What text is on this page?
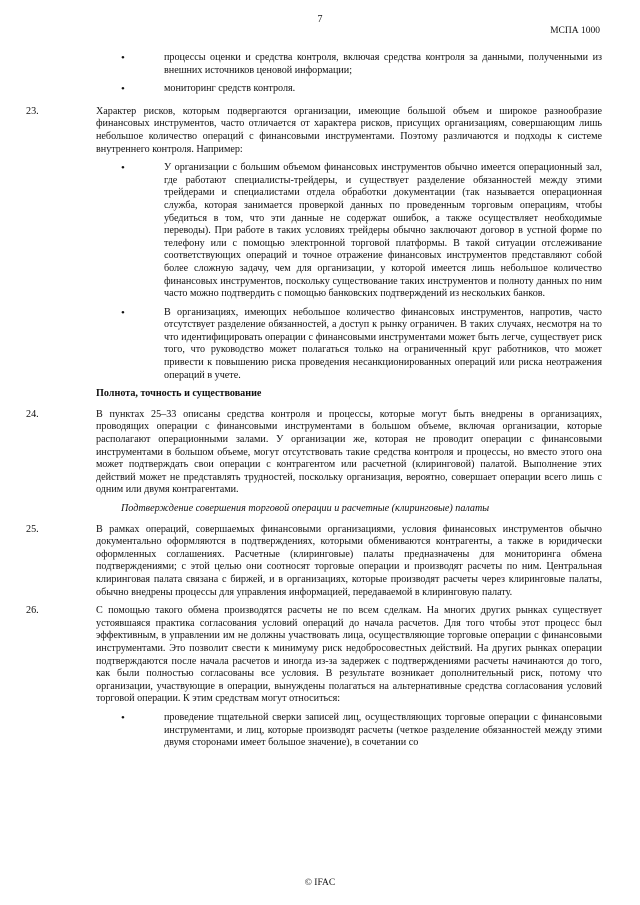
7
МСПА 1000
•	процессы оценки и средства контроля, включая средства контроля за данными, полученными из внешних источников ценовой информации;
•	мониторинг средств контроля.
23.	Характер рисков, которым подвергаются организации, имеющие большой объем и широкое разнообразие финансовых инструментов, часто отличается от характера рисков, присущих организациям, совершающим лишь небольшое количество операций с финансовыми инструментами. Поэтому различаются и подходы к системе внутреннего контроля. Например:
•	У организации с большим объемом финансовых инструментов обычно имеется операционный зал, где работают специалисты-трейдеры, и существует разделение обязанностей между этими трейдерами и специалистами отдела обработки документации (так называется операционная служба, которая занимается проверкой данных по проведенным торговым операциям, чтобы убедиться в том, что эти данные не содержат ошибок, а также осуществляет необходимые переводы). При работе в таких условиях трейдеры обычно заключают договор в устной форме по телефону или с помощью электронной торговой платформы. В такой ситуации отслеживание соответствующих операций и точное отражение финансовых инструментов представляют собой более сложную задачу, чем для организации, у которой имеется лишь небольшое количество финансовых инструментов, поскольку существование таких инструментов и полноту данных по ним часто можно подтвердить с помощью банковских подтверждений из нескольких банков.
•	В организациях, имеющих небольшое количество финансовых инструментов, напротив, часто отсутствует разделение обязанностей, а доступ к рынку ограничен. В таких случаях, несмотря на то что идентифицировать операции с финансовыми инструментами может быть легче, существует риск того, что руководство может полагаться только на ограниченный круг работников, что может привести к повышению риска проведения несанкционированных операций или риска неотражения операций в учете.
Полнота, точность и существование
24.	В пунктах 25–33 описаны средства контроля и процессы, которые могут быть внедрены в организациях, проводящих операции с финансовыми инструментами в большом объеме, включая организации, которые располагают операционными залами. У организации же, которая не проводит операции с финансовыми инструментами в большом объеме, могут отсутствовать такие средства контроля и процессы, но вместо этого она может подтверждать свои операции с контрагентом или расчетной (клиринговой) палатой. Выполнение этих действий может не представлять трудностей, поскольку организация, вероятно, совершает операции всего лишь с одним или двумя контрагентами.
Подтверждение совершения торговой операции и расчетные (клиринговые) палаты
25.	В рамках операций, совершаемых финансовыми организациями, условия финансовых инструментов обычно документально оформляются в подтверждениях, которыми обмениваются контрагенты, а также в юридически оформленных соглашениях. Расчетные (клиринговые) палаты предназначены для мониторинга обмена подтверждениями; с этой целью они соотносят торговые операции и производят расчеты по ним. Центральная клиринговая палата связана с биржей, и в организациях, которые производят расчеты через клиринговые палаты, обычно внедрены процессы для управления информацией, передаваемой в клиринговую палату.
26.	С помощью такого обмена производятся расчеты не по всем сделкам. На многих других рынках существует устоявшаяся практика согласования условий операций до начала расчетов. Для того чтобы этот процесс был эффективным, в управлении им не должны участвовать лица, осуществляющие торговые операции с финансовыми инструментами. Это позволит свести к минимуму риск недобросовестных действий. На других рынках операции подтверждаются после начала расчетов и иногда из-за задержек с подтверждениями расчеты начинаются до того, как были полностью согласованы все условия. В результате возникает дополнительный риск, потому что организации, участвующие в операции, вынуждены полагаться на альтернативные средства согласования условий торговой операции. К этим средствам могут относиться:
•	проведение тщательной сверки записей лиц, осуществляющих торговые операции с финансовыми инструментами, и лиц, которые производят расчеты (четкое разделение обязанностей между этими двумя сторонами имеет большое значение), в сочетании со
© IFAC
